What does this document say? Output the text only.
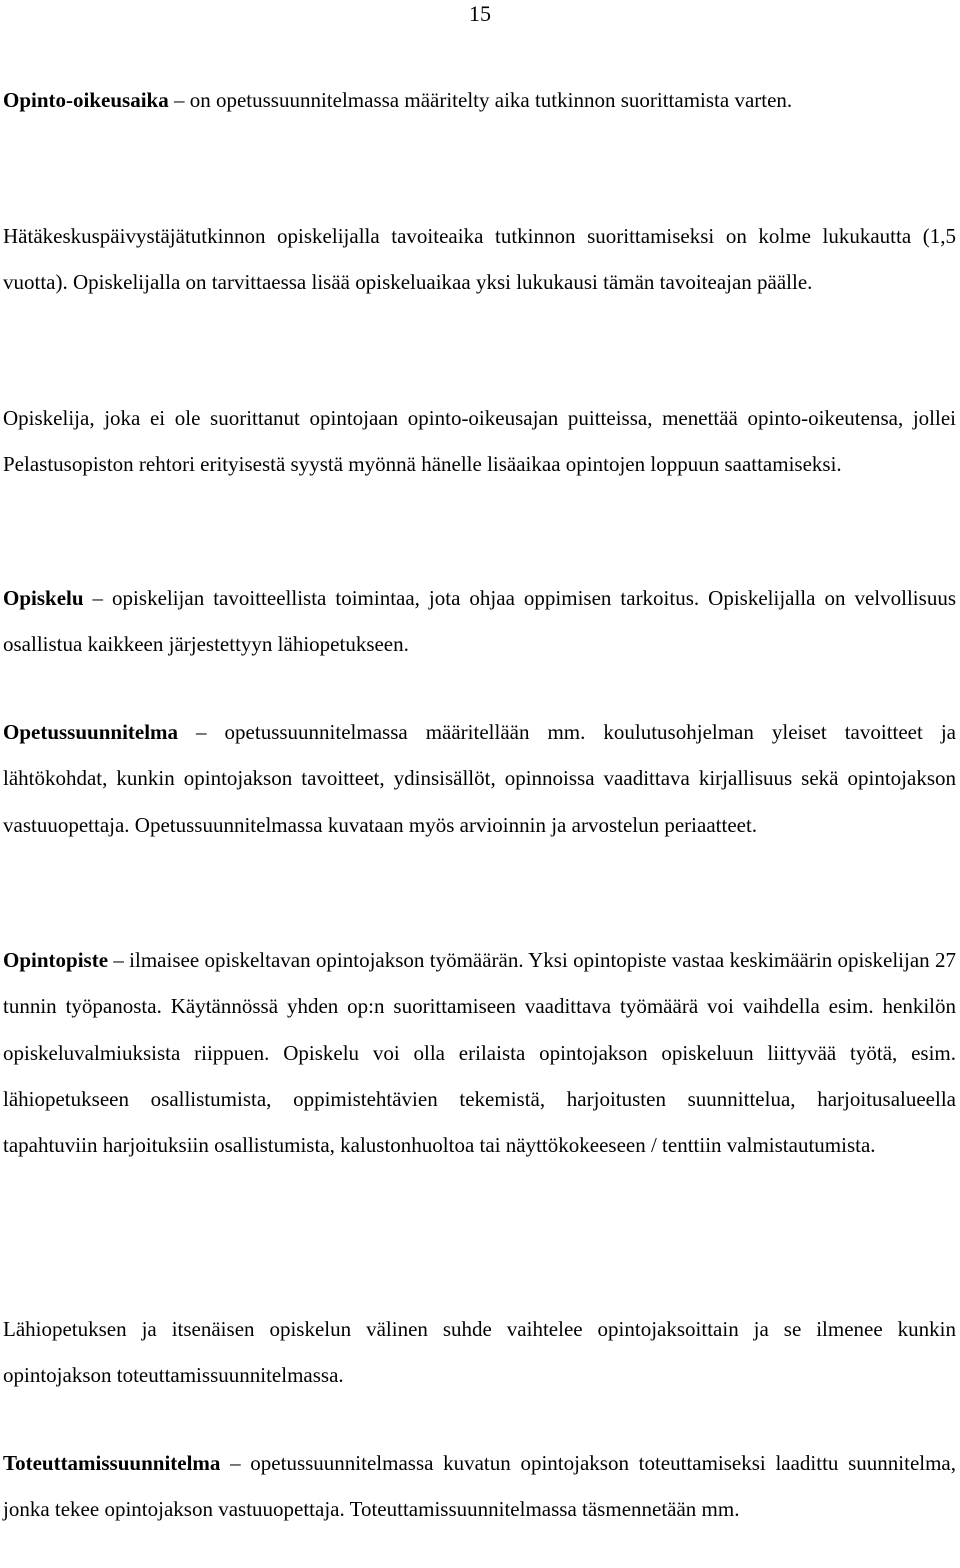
15

Opinto-oikeusaika – on opetussuunnitelmassa määritelty aika tutkinnon suorittamista varten.

Hätäkeskuspäivystäjätutkinnon opiskelijalla tavoiteaika tutkinnon suorittamiseksi on kolme lukukautta (1,5 vuotta). Opiskelijalla on tarvittaessa lisää opiskeluaikaa yksi lukukausi tämän tavoiteajan päälle.

Opiskelija, joka ei ole suorittanut opintojaan opinto-oikeusajan puitteissa, menettää opinto-oikeutensa, jollei Pelastusopiston rehtori erityisestä syystä myönnä hänelle lisäaikaa opintojen loppuun saattamiseksi.

Opiskelu – opiskelijan tavoitteellista toimintaa, jota ohjaa oppimisen tarkoitus. Opiskelijalla on velvollisuus osallistua kaikkeen järjestettyyn lähiopetukseen.

Opetussuunnitelma – opetussuunnitelmassa määritellään mm. koulutusohjelman yleiset tavoitteet ja lähtökohdat, kunkin opintojakson tavoitteet, ydinsisällöt, opinnoissa vaadittava kirjallisuus sekä opintojakson vastuuopettaja. Opetussuunnitelmassa kuvataan myös arvioinnin ja arvostelun periaatteet.

Opintopiste – ilmaisee opiskeltavan opintojakson työmäärän. Yksi opintopiste vastaa keskimäärin opiskelijan 27 tunnin työpanosta. Käytännössä yhden op:n suorittamiseen vaadittava työmäärä voi vaihdella esim. henkilön opiskeluvalmiuksista riippuen. Opiskelu voi olla erilaista opintojakson opiskeluun liittyvää työtä, esim. lähiopetukseen osallistumista, oppimistehtävien tekemistä, harjoitusten suunnittelua, harjoitusalueella tapahtuviin harjoituksiin osallistumista, kalustonhuoltoa tai näyttökokeeseen / tenttiin valmistautumista.

Lähiopetuksen ja itsenäisen opiskelun välinen suhde vaihtelee opintojaksoittain ja se ilmenee kunkin opintojakson toteuttamissuunnitelmassa.

Toteuttamissuunnitelma – opetussuunnitelmassa kuvatun opintojakson toteuttamiseksi laadittu suunnitelma, jonka tekee opintojakson vastuuopettaja. Toteuttamissuunnitelmassa täsmennetään mm.
